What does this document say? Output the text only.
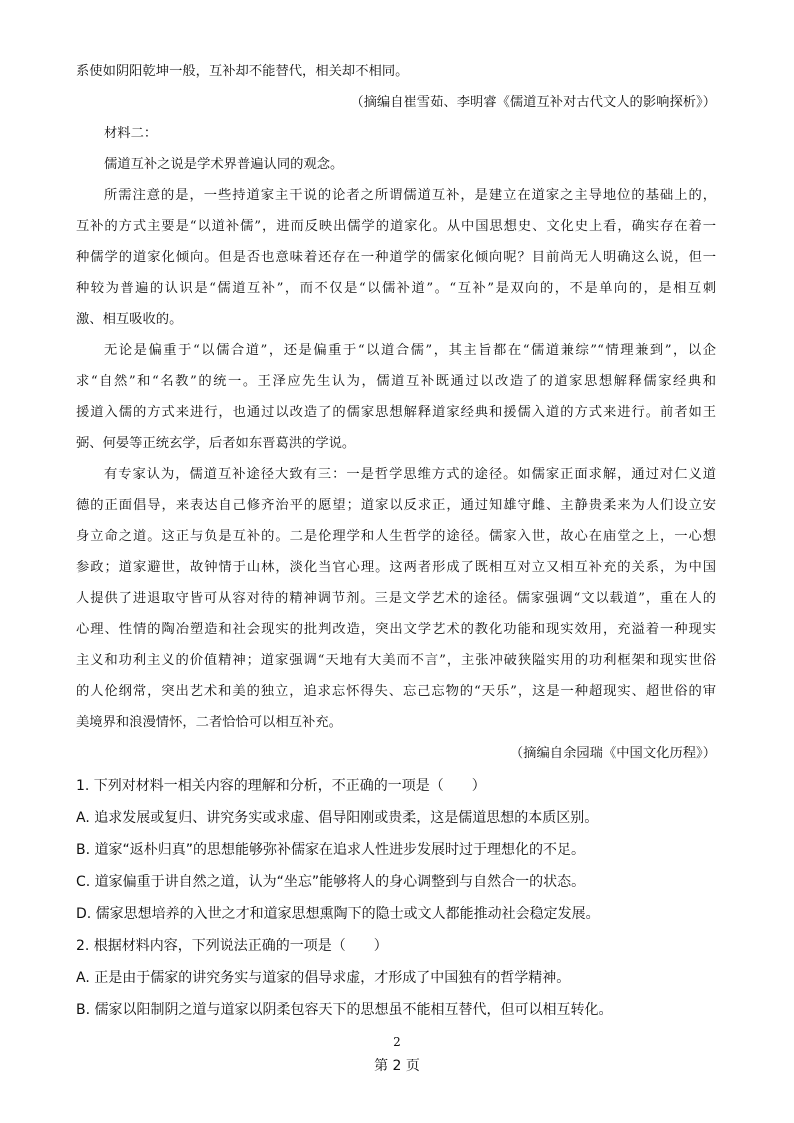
系使如阴阳乾坤一般，互补却不能替代，相关却不相同。
（摘编自崔雪茹、李明睿《儒道互补对古代文人的影响探析》）
材料二：
儒道互补之说是学术界普遍认同的观念。
所需注意的是，一些持道家主干说的论者之所谓儒道互补，是建立在道家之主导地位的基础上的，
互补的方式主要是“以道补儒”，进而反映出儒学的道家化。从中国思想史、文化史上看，确实存在着一
种儒学的道家化倾向。但是否也意味着还存在一种道学的儒家化倾向呢？目前尚无人明确这么说，但一
种较为普遍的认识是“儒道互补”，而不仅是“以儒补道”。“互补”是双向的，不是单向的，是相互刺
激、相互吸收的。
无论是偏重于“以儒合道”，还是偏重于“以道合儒”，其主旨都在“儒道兼综”“情理兼到”，以企
求“自然”和“名教”的统一。王泽应先生认为，儒道互补既通过以改造了的道家思想解释儒家经典和
援道入儒的方式来进行，也通过以改造了的儒家思想解释道家经典和援儒入道的方式来进行。前者如王
弼、何晏等正统玄学，后者如东晋葛洪的学说。
有专家认为，儒道互补途径大致有三：一是哲学思维方式的途径。如儒家正面求解，通过对仁义道
德的正面倡导，来表达自己修齐治平的愿望；道家以反求正，通过知雄守雌、主静贵柔来为人们设立安
身立命之道。这正与负是互补的。二是伦理学和人生哲学的途径。儒家入世，故心在庙堂之上，一心想
参政；道家避世，故钟情于山林，淡化当官心理。这两者形成了既相互对立又相互补充的关系，为中国
人提供了进退取守皆可从容对待的精神调节剂。三是文学艺术的途径。儒家强调“文以载道”，重在人的
心理、性情的陶冶塑造和社会现实的批判改造，突出文学艺术的教化功能和现实效用，充溢着一种现实
主义和功利主义的价值精神；道家强调“天地有大美而不言”，主张冲破狭隘实用的功利框架和现实世俗
的人伦纲常，突出艺术和美的独立，追求忘怀得失、忘己忘物的“天乐”，这是一种超现实、超世俗的审
美境界和浪漫情怀，二者恰恰可以相互补充。
（摘编自余园瑞《中国文化历程》）
1. 下列对材料一相关内容的理解和分析，不正确的一项是（　　）
A. 追求发展或复归、讲究务实或求虚、倡导阳刚或贵柔，这是儒道思想的本质区别。
B. 道家“返朴归真”的思想能够弥补儒家在追求人性进步发展时过于理想化的不足。
C. 道家偏重于讲自然之道，认为“坐忘”能够将人的身心调整到与自然合一的状态。
D. 儒家思想培养的入世之才和道家思想熏陶下的隐士或文人都能推动社会稳定发展。
2. 根据材料内容，下列说法正确的一项是（　　）
A. 正是由于儒家的讲究务实与道家的倡导求虚，才形成了中国独有的哲学精神。
B. 儒家以阳制阴之道与道家以阴柔包容天下的思想虽不能相互替代，但可以相互转化。
2
第 2 页
